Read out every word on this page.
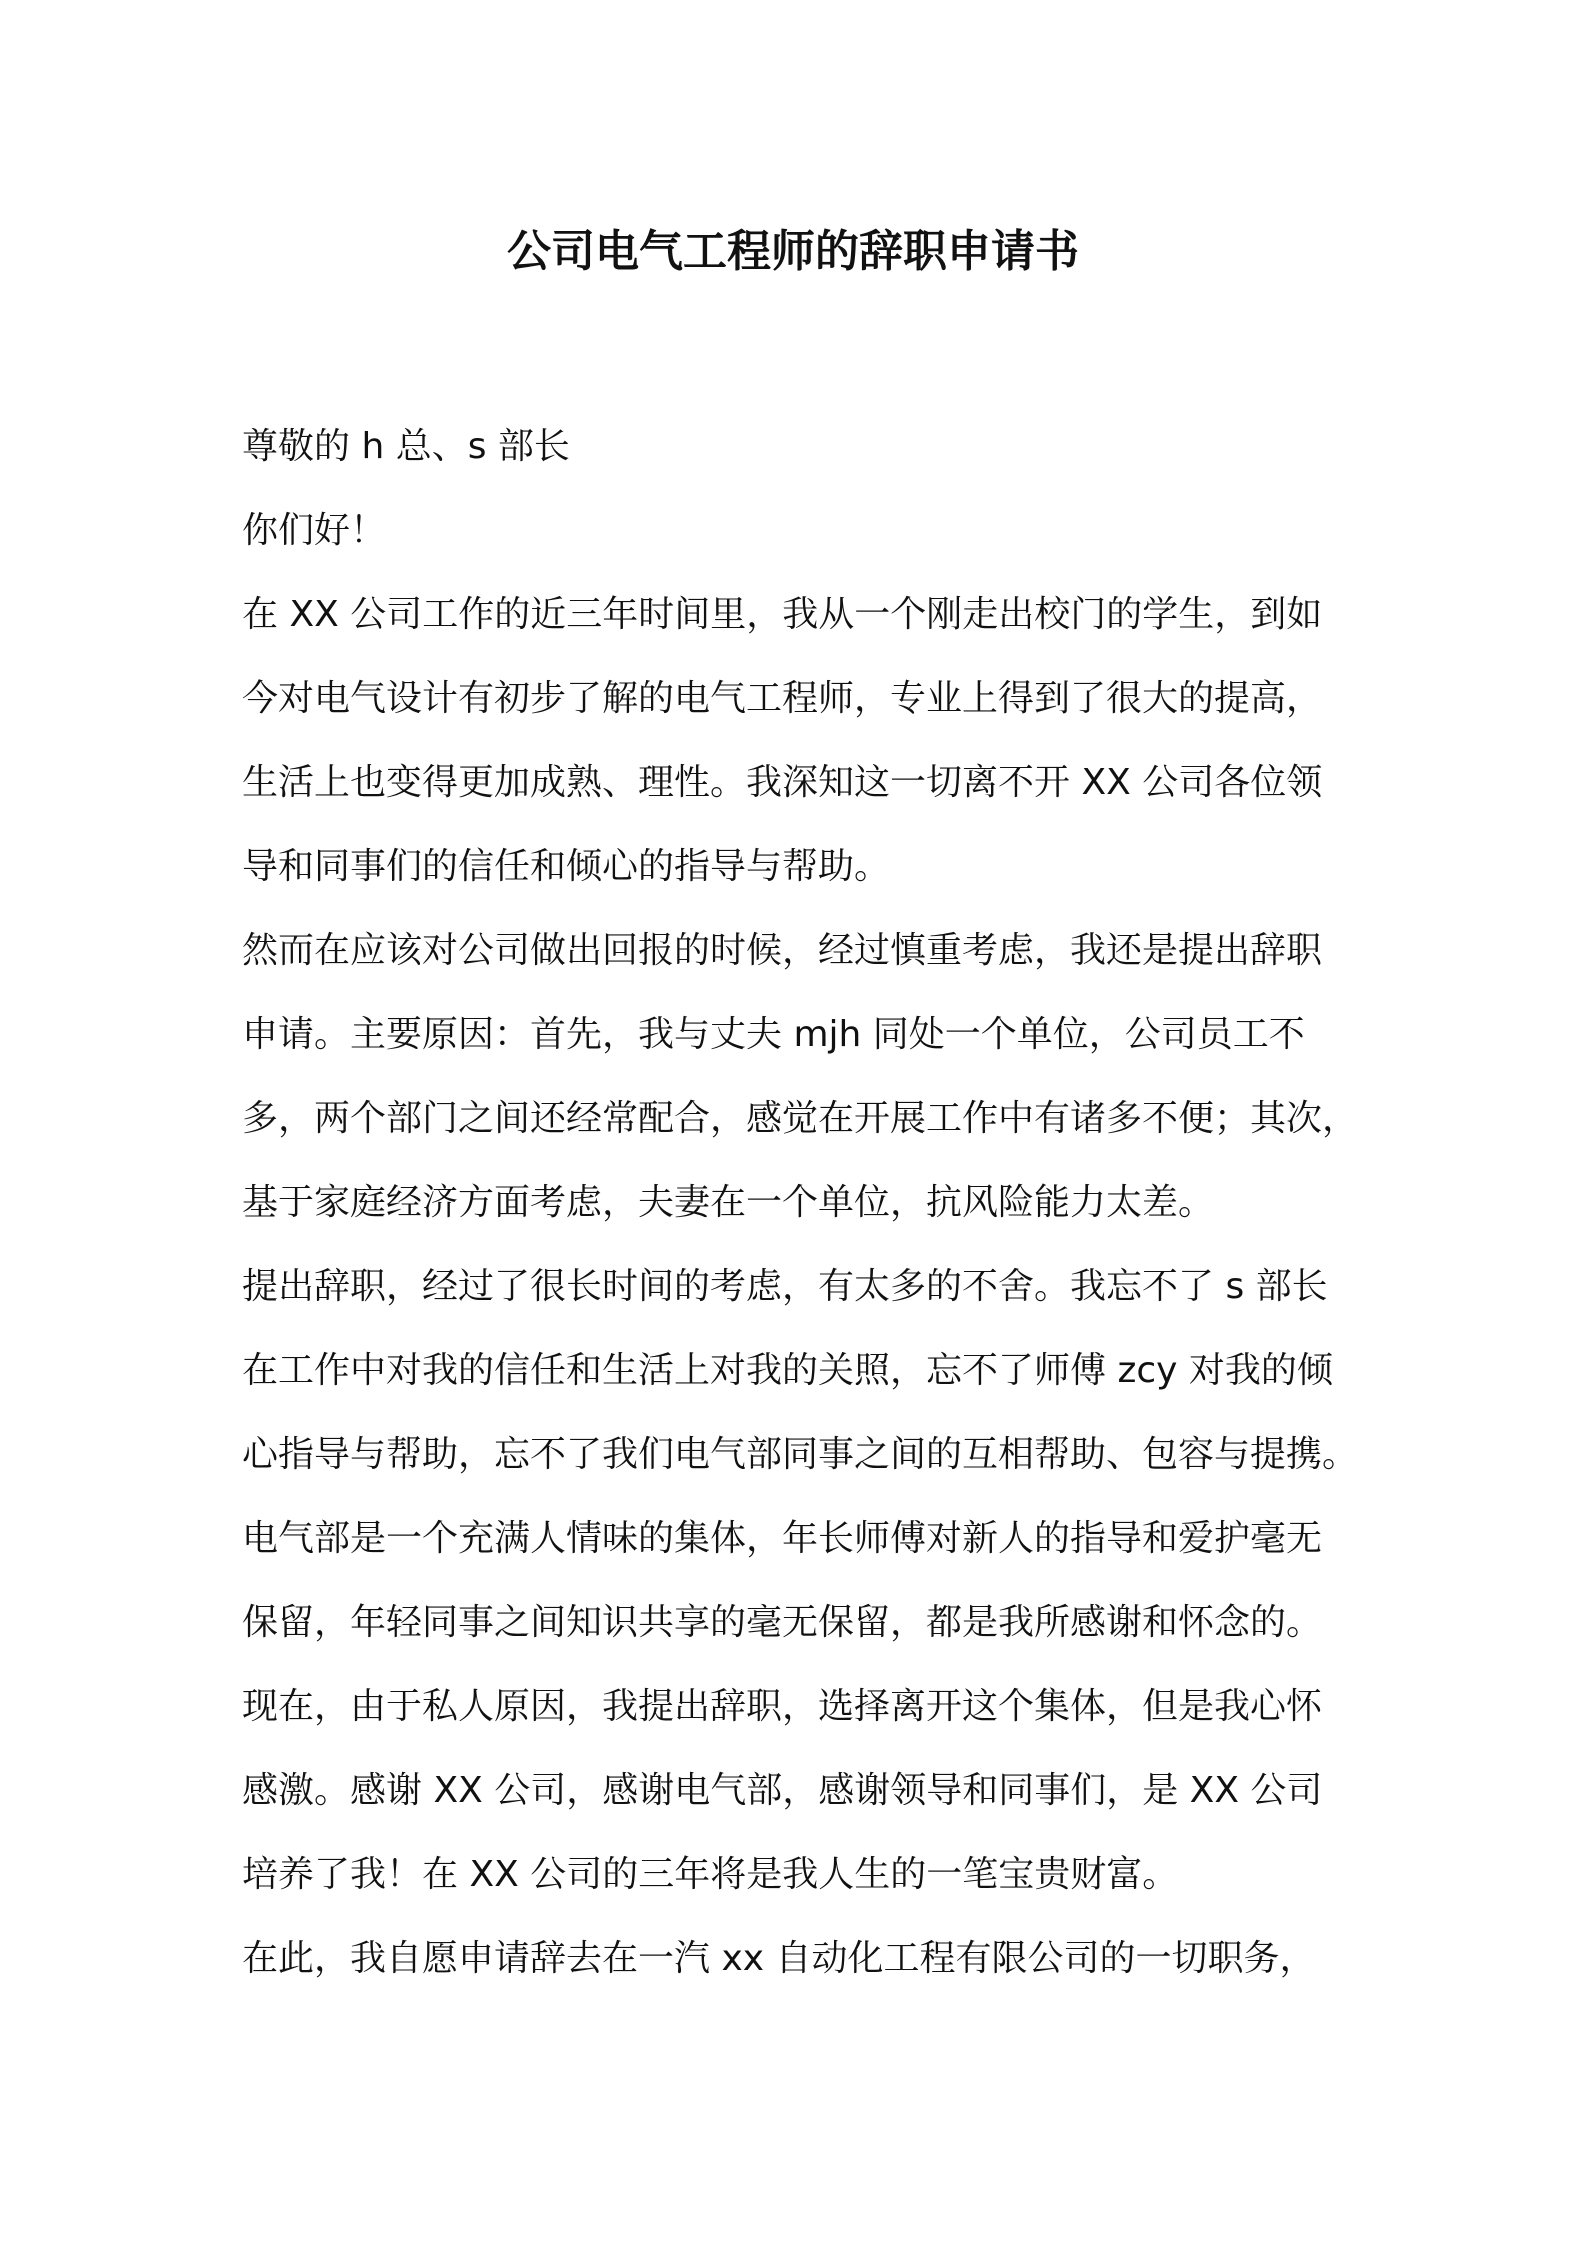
公司电气工程师的辞职申请书
尊敬的 h 总、s 部长
你们好！
在 XX 公司工作的近三年时间里，我从一个刚走出校门的学生，到如
今对电气设计有初步了解的电气工程师，专业上得到了很大的提高，
生活上也变得更加成熟、理性。我深知这一切离不开 XX 公司各位领
导和同事们的信任和倾心的指导与帮助。
然而在应该对公司做出回报的时候，经过慎重考虑，我还是提出辞职
申请。主要原因：首先，我与丈夫 mjh 同处一个单位，公司员工不
多，两个部门之间还经常配合，感觉在开展工作中有诸多不便；其次，
基于家庭经济方面考虑，夫妻在一个单位，抗风险能力太差。
提出辞职，经过了很长时间的考虑，有太多的不舍。我忘不了 s 部长
在工作中对我的信任和生活上对我的关照，忘不了师傅 zcy 对我的倾
心指导与帮助，忘不了我们电气部同事之间的互相帮助、包容与提携。
电气部是一个充满人情味的集体，年长师傅对新人的指导和爱护毫无
保留，年轻同事之间知识共享的毫无保留，都是我所感谢和怀念的。
现在，由于私人原因，我提出辞职，选择离开这个集体，但是我心怀
感激。感谢 XX 公司，感谢电气部，感谢领导和同事们，是 XX 公司
培养了我！在 XX 公司的三年将是我人生的一笔宝贵财富。
在此，我自愿申请辞去在一汽 xx 自动化工程有限公司的一切职务，
